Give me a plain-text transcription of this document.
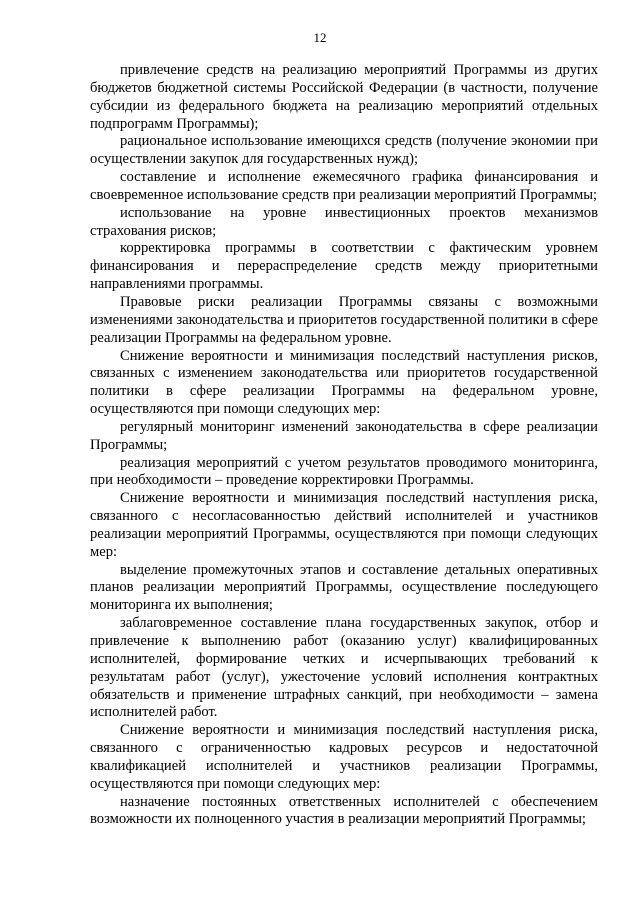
12

привлечение средств на реализацию мероприятий Программы из других бюджетов бюджетной системы Российской Федерации (в частности, получение субсидии из федерального бюджета на реализацию мероприятий отдельных подпрограмм Программы);

рациональное использование имеющихся средств (получение экономии при осуществлении закупок для государственных нужд);

составление и исполнение ежемесячного графика финансирования и своевременное использование средств при реализации мероприятий Программы;

использование на уровне инвестиционных проектов механизмов страхования рисков;

корректировка программы в соответствии с фактическим уровнем финансирования и перераспределение средств между приоритетными направлениями программы.

Правовые риски реализации Программы связаны с возможными изменениями законодательства и приоритетов государственной политики в сфере реализации Программы на федеральном уровне.

Снижение вероятности и минимизация последствий наступления рисков, связанных с изменением законодательства или приоритетов государственной политики в сфере реализации Программы на федеральном уровне, осуществляются при помощи следующих мер:

регулярный мониторинг изменений законодательства в сфере реализации Программы;

реализация мероприятий с учетом результатов проводимого мониторинга, при необходимости – проведение корректировки Программы.

Снижение вероятности и минимизация последствий наступления риска, связанного с несогласованностью действий исполнителей и участников реализации мероприятий Программы, осуществляются при помощи следующих мер:

выделение промежуточных этапов и составление детальных оперативных планов реализации мероприятий Программы, осуществление последующего мониторинга их выполнения;

заблаговременное составление плана государственных закупок, отбор и привлечение к выполнению работ (оказанию услуг) квалифицированных исполнителей, формирование четких и исчерпывающих требований к результатам работ (услуг), ужесточение условий исполнения контрактных обязательств и применение штрафных санкций, при необходимости – замена исполнителей работ.

Снижение вероятности и минимизация последствий наступления риска, связанного с ограниченностью кадровых ресурсов и недостаточной квалификацией исполнителей и участников реализации Программы, осуществляются при помощи следующих мер:

назначение постоянных ответственных исполнителей с обеспечением возможности их полноценного участия в реализации мероприятий Программы;
